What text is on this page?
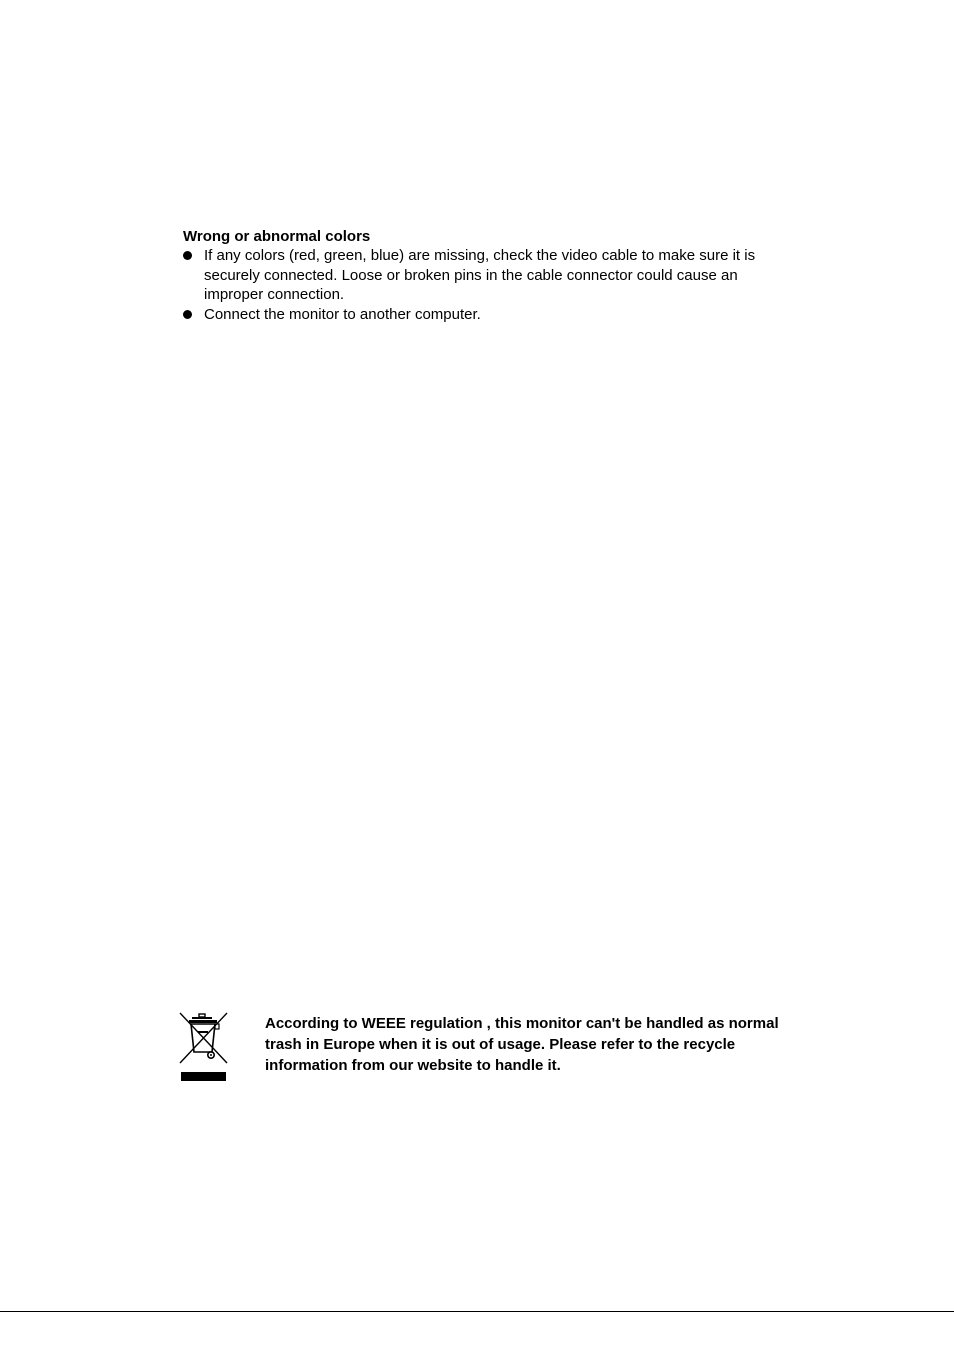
Wrong or abnormal colors

If any colors (red, green, blue) are missing, check the video cable to make sure it is securely connected. Loose or broken pins in the cable connector could cause an improper connection.
Connect the monitor to another computer.

According to WEEE regulation , this monitor can't be handled as normal trash in Europe when it is out of usage. Please refer to the recycle information from our website to handle it.
